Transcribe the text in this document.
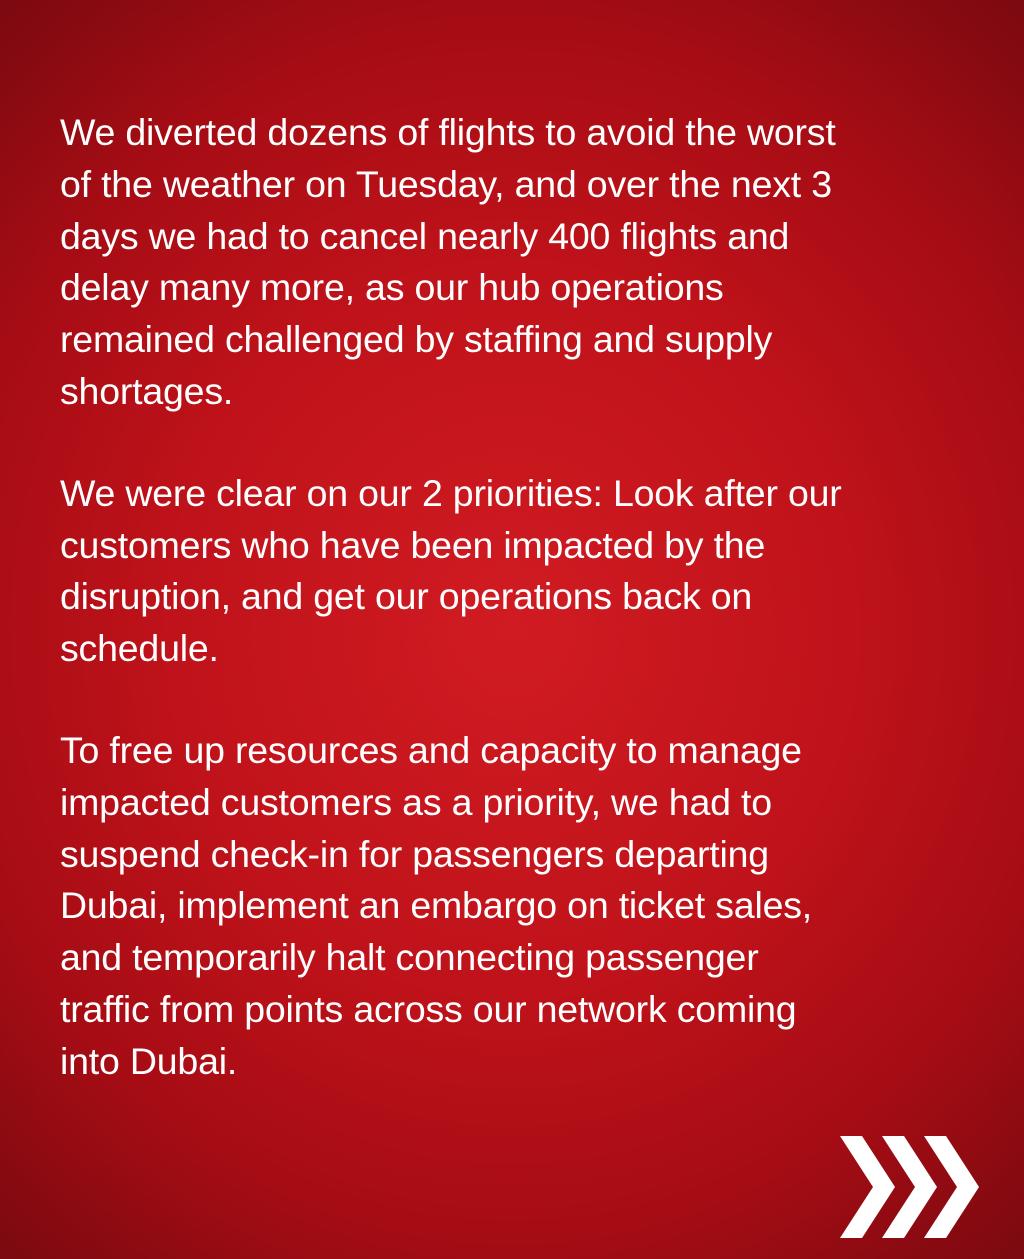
We diverted dozens of flights to avoid the worst
of the weather on Tuesday, and over the next 3
days we had to cancel nearly 400 flights and
delay many more, as our hub operations
remained challenged by staffing and supply
shortages.

We were clear on our 2 priorities: Look after our
customers who have been impacted by the
disruption, and get our operations back on
schedule.

To free up resources and capacity to manage
impacted customers as a priority, we had to
suspend check-in for passengers departing
Dubai, implement an embargo on ticket sales,
and temporarily halt connecting passenger
traffic from points across our network coming
into Dubai.
